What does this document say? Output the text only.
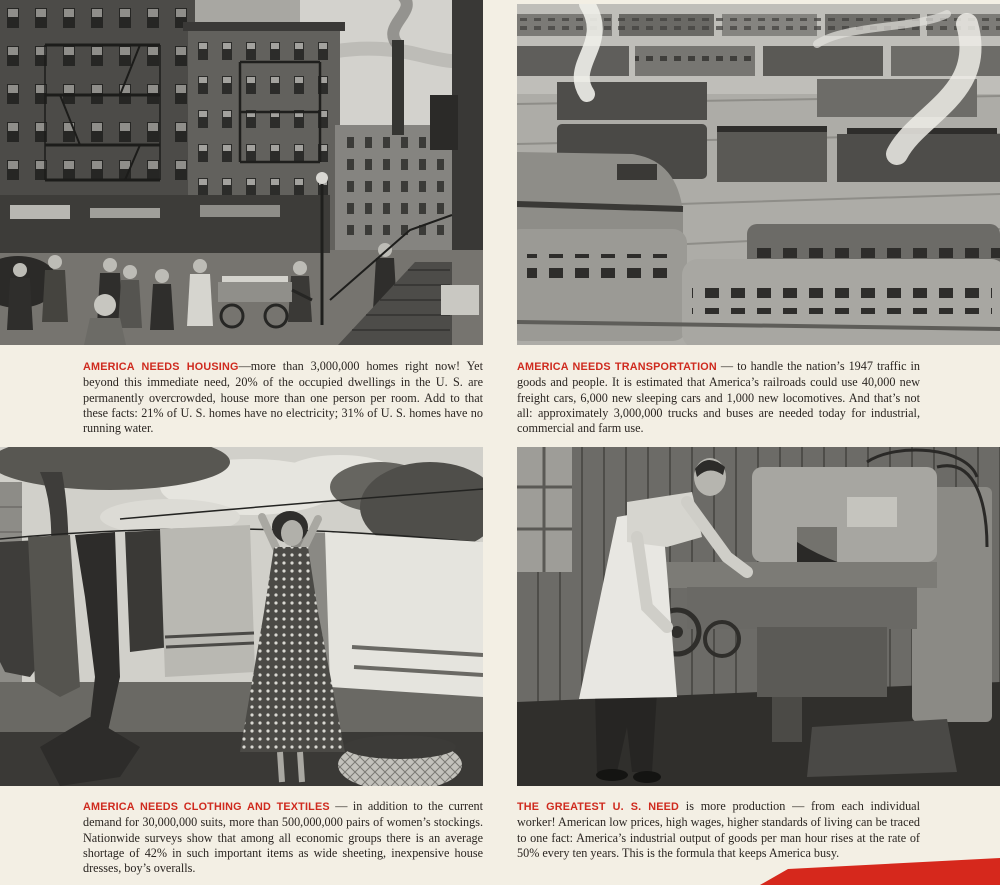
AMERICA NEEDS HOUSING—more than 3,000,000 homes right now! Yet beyond this immediate need, 20% of the occupied dwellings in the U. S. are permanently overcrowded, house more than one person per room. Add to that these facts: 21% of U. S. homes have no electricity; 31% of U. S. homes have no running water.

AMERICA NEEDS TRANSPORTATION — to handle the nation’s 1947 traffic in goods and people. It is estimated that America’s railroads could use 40,000 new freight cars, 6,000 new sleeping cars and 1,000 new locomotives. And that’s not all: approximately 3,000,000 trucks and buses are needed today for industrial, commercial and farm use.

AMERICA NEEDS CLOTHING AND TEXTILES — in addition to the current demand for 30,000,000 suits, more than 500,000,000 pairs of women’s stockings. Nationwide surveys show that among all economic groups there is an average shortage of 42% in such important items as wide sheeting, inexpensive house dresses, boy’s overalls.

THE GREATEST U. S. NEED is more production — from each individual worker! American low prices, high wages, higher standards of living can be traced to one fact: America’s industrial output of goods per man hour rises at the rate of 50% every ten years. This is the formula that keeps America busy.
